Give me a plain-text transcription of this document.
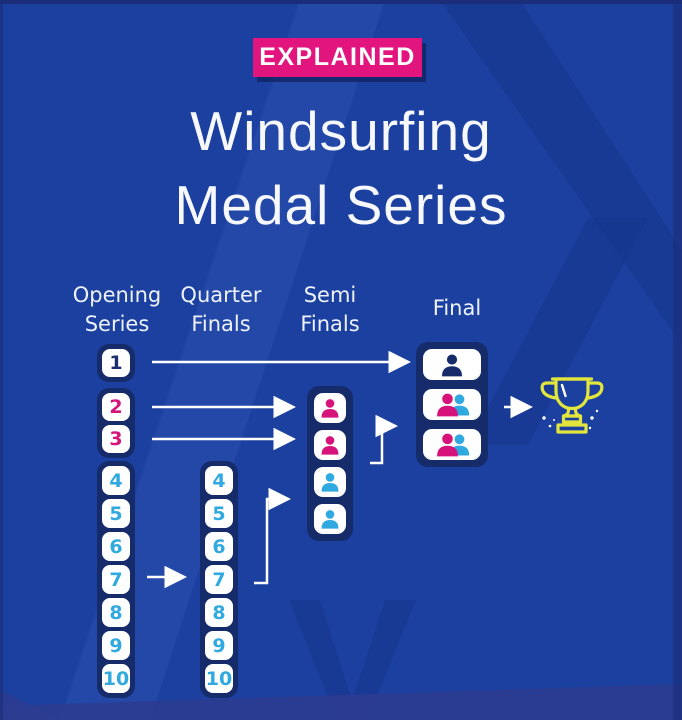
EXPLAINED
Windsurfing
Medal Series
Opening
Series
Quarter
Finals
Semi
Finals
Final
1
2
3
4
5
6
7
8
9
10
4
5
6
7
8
9
10
